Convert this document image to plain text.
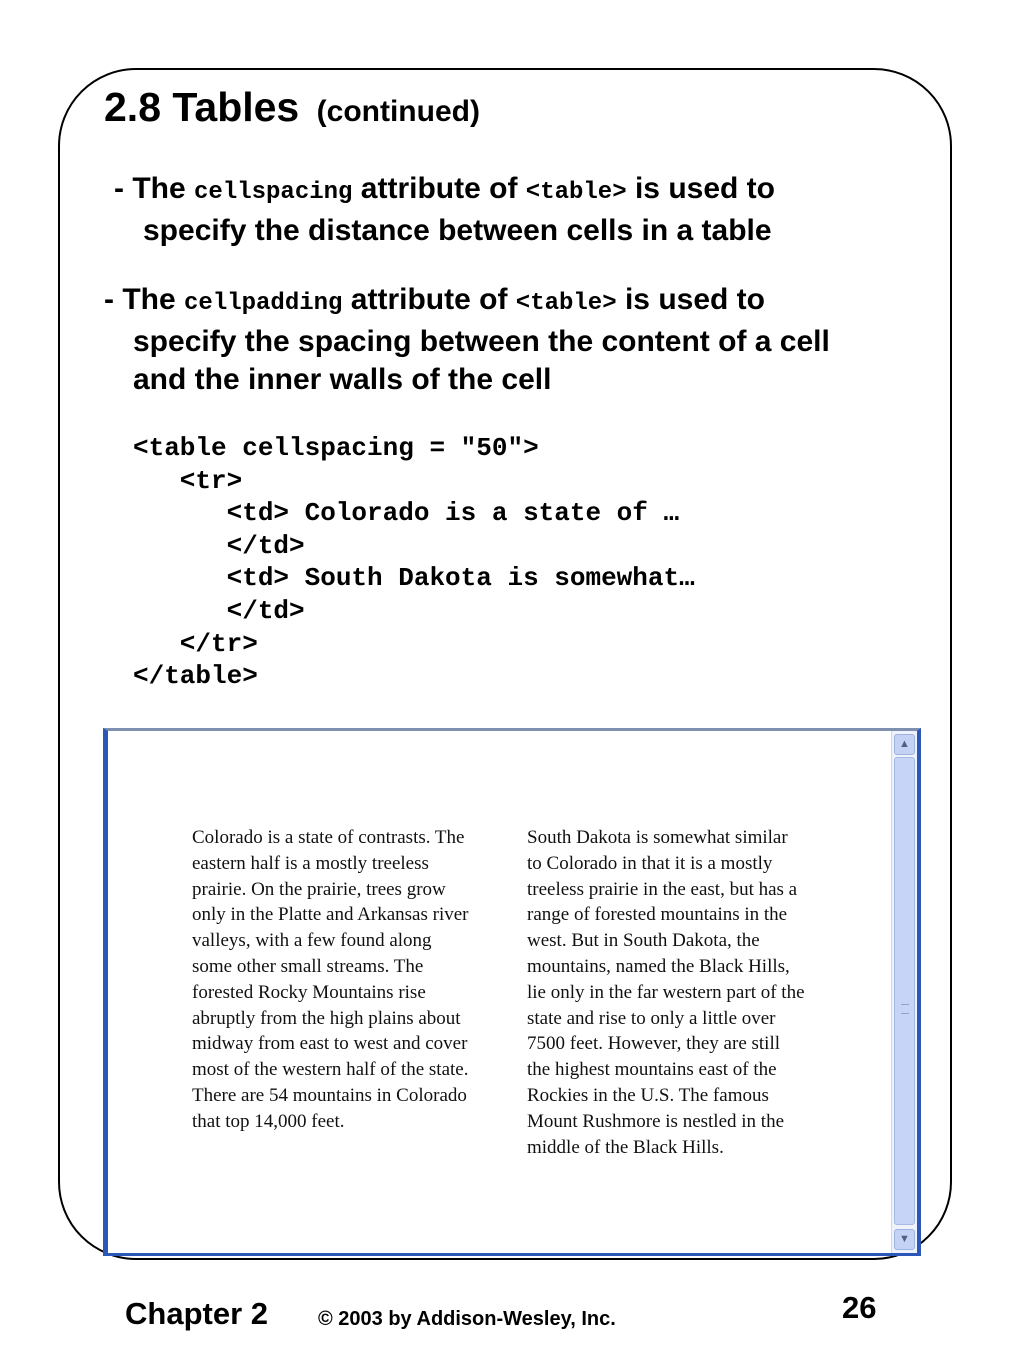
2.8 Tables (continued)
- The cellspacing attribute of <table> is used to
specify the distance between cells in a table
- The cellpadding attribute of <table> is used to
specify the spacing between the content of a cell
and the inner walls of the cell
<table cellspacing = "50">
<tr>
<td> Colorado is a state of …
</td>
<td> South Dakota is somewhat…
</td>
</tr>
</table>
Colorado is a state of contrasts. The eastern half is a mostly treeless prairie. On the prairie, trees grow only in the Platte and Arkansas river valleys, with a few found along some other small streams. The forested Rocky Mountains rise abruptly from the high plains about midway from east to west and cover most of the western half of the state. There are 54 mountains in Colorado that top 14,000 feet.
South Dakota is somewhat similar to Colorado in that it is a mostly treeless prairie in the east, but has a range of forested mountains in the west. But in South Dakota, the mountains, named the Black Hills, lie only in the far western part of the state and rise to only a little over 7500 feet. However, they are still the highest mountains east of the Rockies in the U.S. The famous Mount Rushmore is nestled in the middle of the Black Hills.
▲
▼

Chapter 2	© 2003 by Addison-Wesley, Inc.	26
